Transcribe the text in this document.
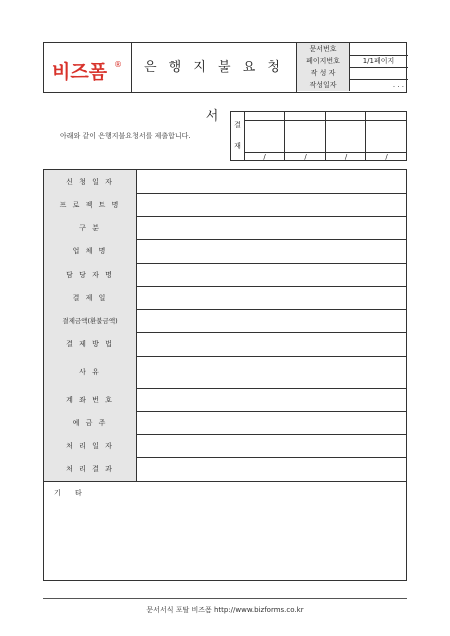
비즈폼 ®	은 행 지 불 요 청 서
문서번호
페이지번호	1/1페이지
작 성 자
작성일자	. . .
아래와 같이 은행지불요청서를 제출합니다.
결
재
/	/	/	/
신 청 일 자
프 로 젝 트 명
구 분
업 체 명
담 당 자 명
결 제 일
결제금액(환불금액)
결 제 방 법
사 유
계 좌 번 호
예 금 주
처 리 일 자
처 리 결 과
기 타
문서서식 포탈 비즈폼 http://www.bizforms.co.kr
